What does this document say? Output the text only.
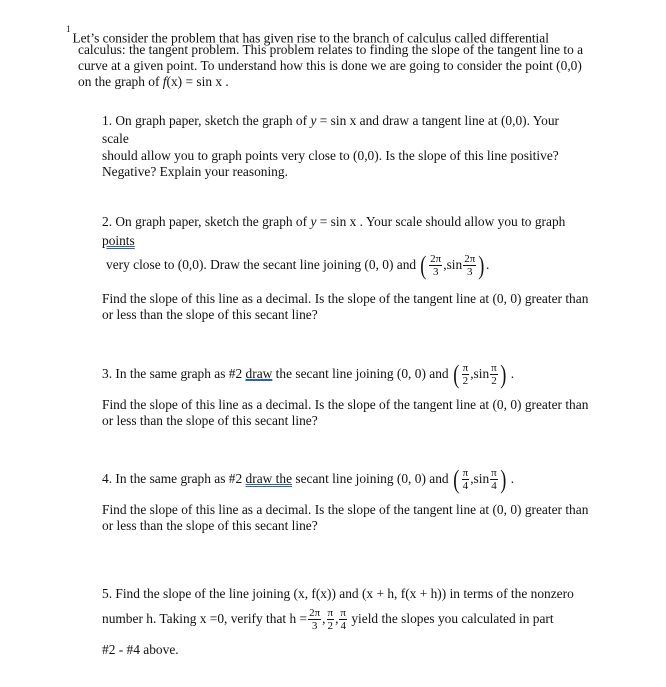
$^1$Let’s consider the problem that has given rise to the branch of calculus called differential
calculus: the tangent problem. This problem relates to finding the slope of the tangent line to a
curve at a given point. To understand how this is done we are going to consider the point (0,0)
on the graph of f(x) = sin x .
1. On graph paper, sketch the graph of y = sin x and draw a tangent line at (0,0). Your
scale
should allow you to graph points very close to (0,0). Is the slope of this line positive?
Negative? Explain your reasoning.
2. On graph paper, sketch the graph of y = sin x . Your scale should allow you to graph
points
very close to (0,0). Draw the secant line joining (0, 0) and ( $\frac{2\pi}{3} ,\sin \frac{2\pi}{3}$ ).
Find the slope of this line as a decimal. Is the slope of the tangent line at (0, 0) greater than
or less than the slope of this secant line?
3. In the same graph as #2 draw the secant line joining (0, 0) and ( $\frac{\pi}{2} ,\sin \frac{\pi}{2}$ ) .
Find the slope of this line as a decimal. Is the slope of the tangent line at (0, 0) greater than
or less than the slope of this secant line?
4. In the same graph as #2 draw the secant line joining (0, 0) and ( $\frac{\pi}{4} ,\sin \frac{\pi}{4}$ ) .
Find the slope of this line as a decimal. Is the slope of the tangent line at (0, 0) greater than
or less than the slope of this secant line?
5. Find the slope of the line joining (x, f(x)) and (x + h, f(x + h)) in terms of the nonzero
number h. Taking x =0, verify that $h = \frac{2\pi}{3}$ , $\frac{\pi}{2}$ , $\frac{\pi}{4}$ yield the slopes you calculated in part
#2 - #4 above.
